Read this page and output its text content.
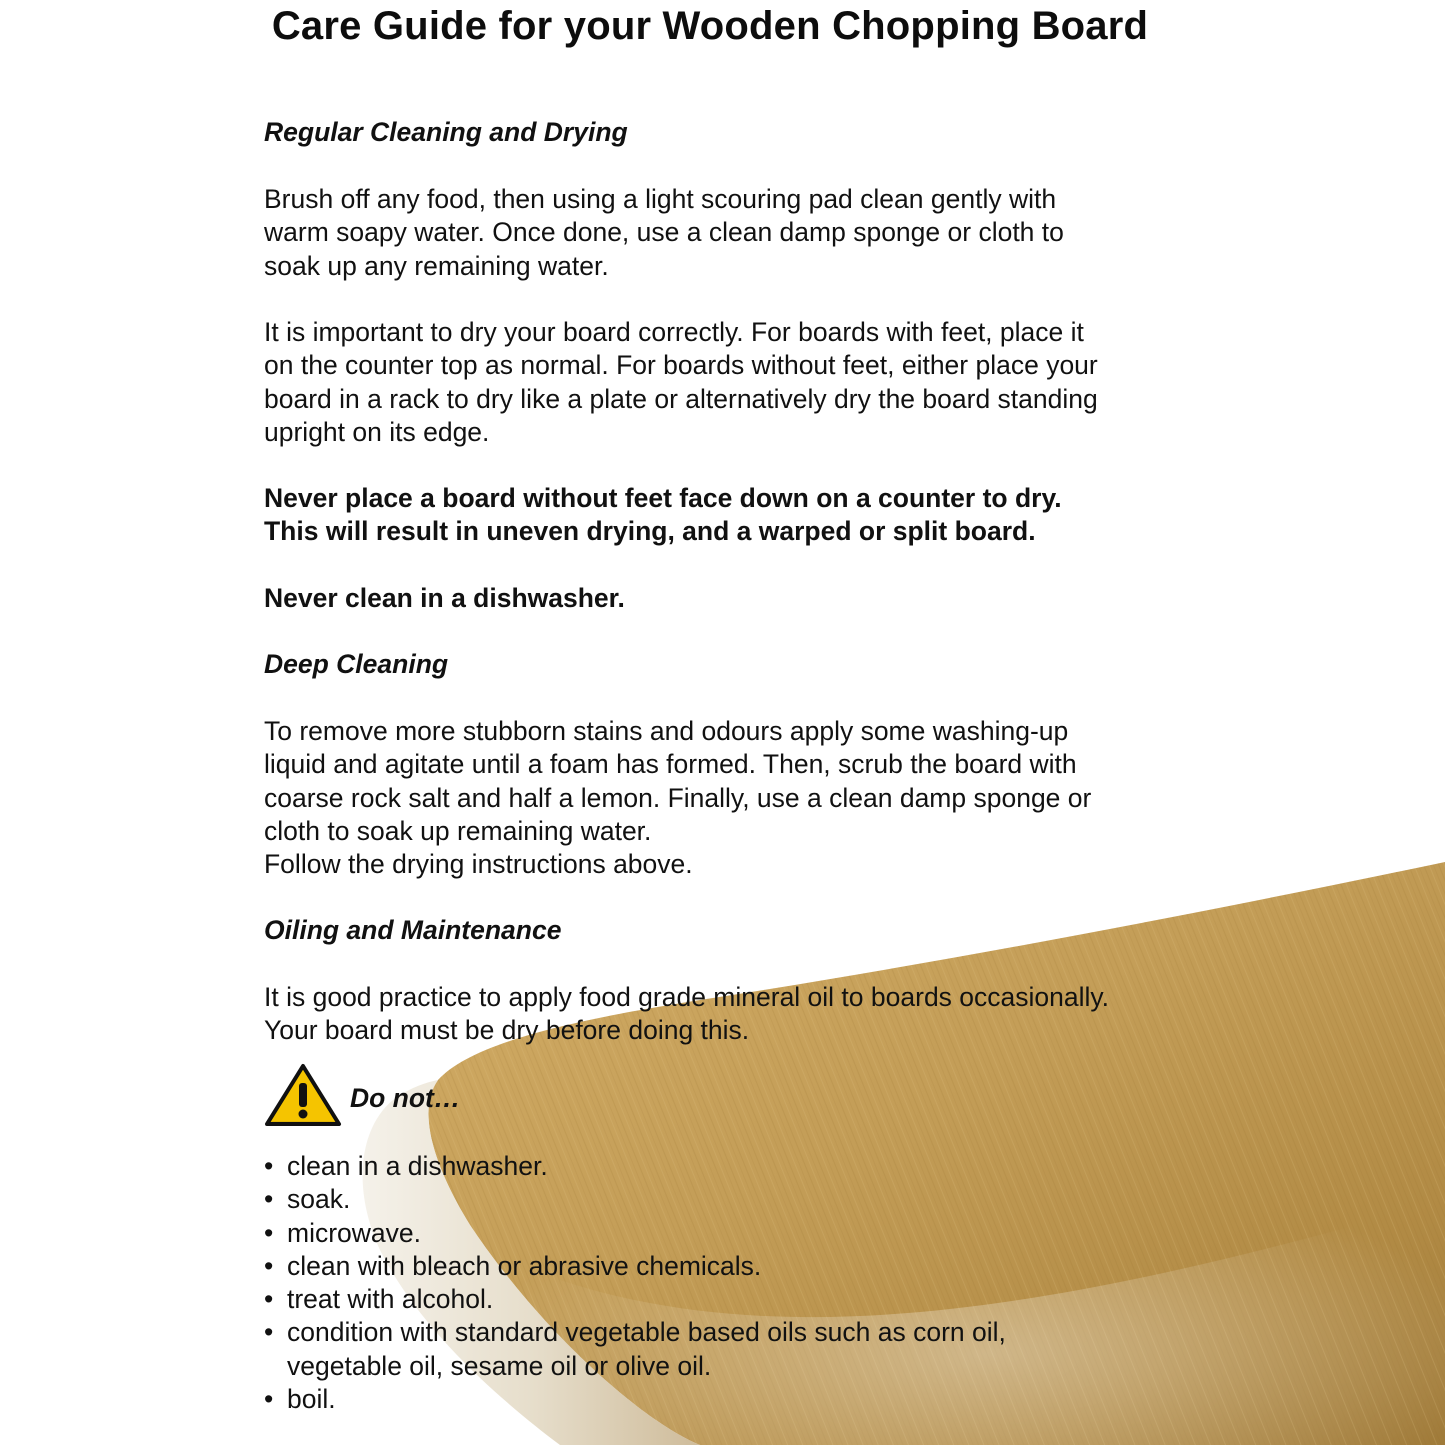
Care Guide for your Wooden Chopping Board

Regular Cleaning and Drying

Brush off any food, then using a light scouring pad clean gently with
warm soapy water. Once done, use a clean damp sponge or cloth to
soak up any remaining water.

It is important to dry your board correctly. For boards with feet, place it
on the counter top as normal. For boards without feet, either place your
board in a rack to dry like a plate or alternatively dry the board standing
upright on its edge.

Never place a board without feet face down on a counter to dry.
This will result in uneven drying, and a warped or split board.

Never clean in a dishwasher.

Deep Cleaning

To remove more stubborn stains and odours apply some washing-up
liquid and agitate until a foam has formed. Then, scrub the board with
coarse rock salt and half a lemon. Finally, use a clean damp sponge or
cloth to soak up remaining water.
Follow the drying instructions above.

Oiling and Maintenance

It is good practice to apply food grade mineral oil to boards occasionally.
Your board must be dry before doing this.

Do not…
• clean in a dishwasher.
• soak.
• microwave.
• clean with bleach or abrasive chemicals.
• treat with alcohol.
• condition with standard vegetable based oils such as corn oil,
vegetable oil, sesame oil or olive oil.
• boil.
